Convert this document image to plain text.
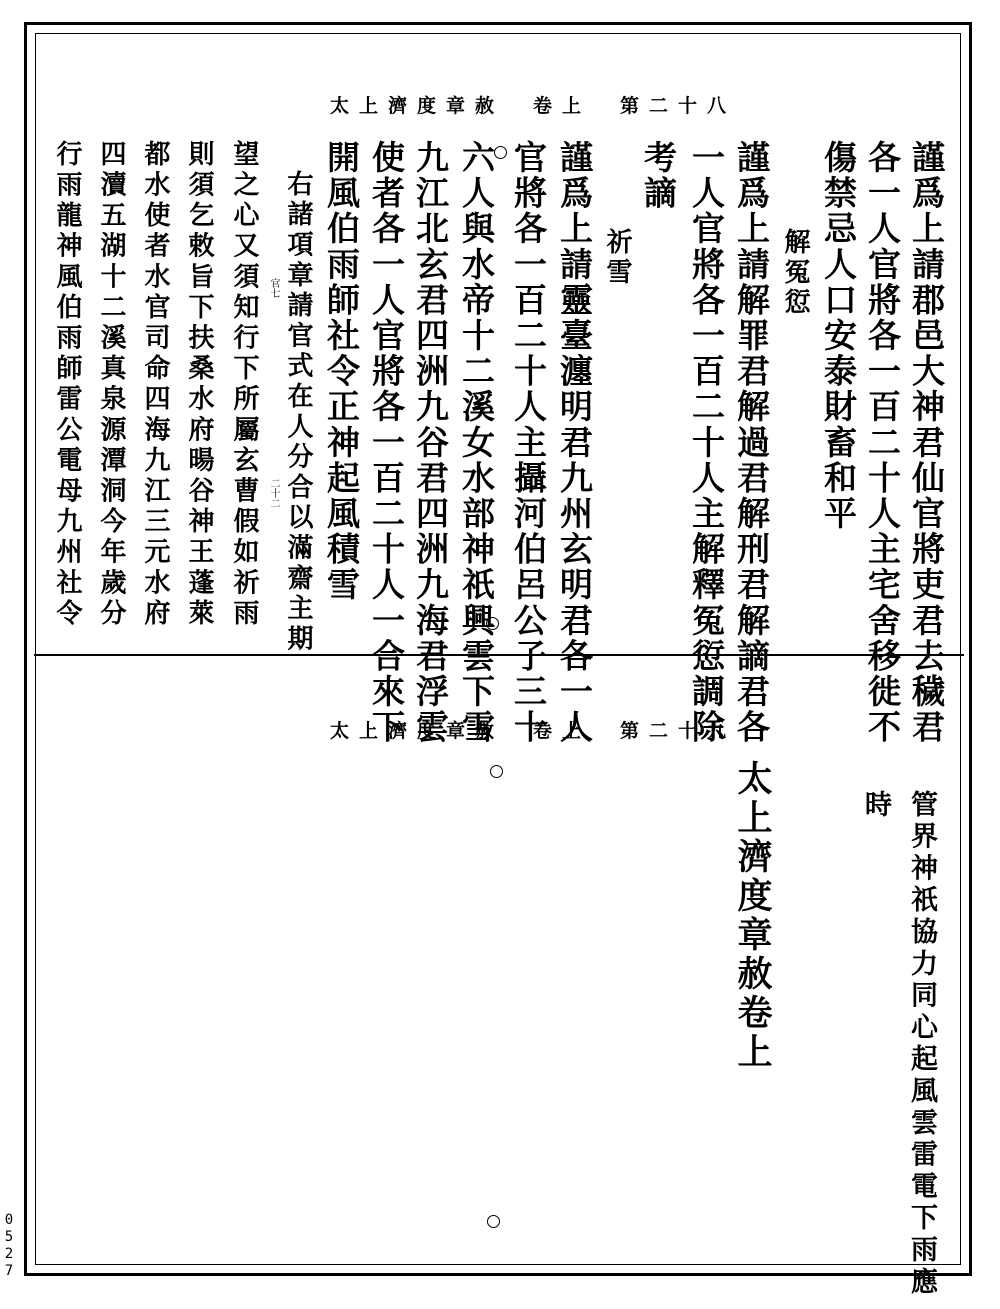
太上濟度章赦　卷上　第二十八
謹爲上請郡邑大神君仙官將吏君去穢君
各一人官將各一百二十人主宅舍移徙不
傷禁忌人口安泰財畜和平
解冤愆
謹爲上請解罪君解過君解刑君解謫君各
一人官將各一百二十人主解釋冤愆調除
考謫
祈雪
謹爲上請靈臺瀍明君九州玄明君各一人
官將各一百二十人主攝河伯呂公子三十
六人與水帝十二溪女水部神祇興雲下雪
九江北玄君四洲九谷君四洲九海君浮雲
使者各一人官將各一百二十人一合來下
開風伯雨師社令正神起風積雪
右諸項章請官式在人分合以滿齋主期
望之心又須知行下所屬玄曹假如祈雨
則須乞敕旨下扶桑水府暘谷神王蓬萊
都水使者水官司命四海九江三元水府
四瀆五湖十二溪真泉源潭洞今年歲分
行雨龍神風伯雨師雷公電母九州社令	官七
二十二
太上濟度章赦　卷上　第二十九
管界神祇協力同心起風雲雷電下雨應
時
太上濟度章赦卷上
0527
